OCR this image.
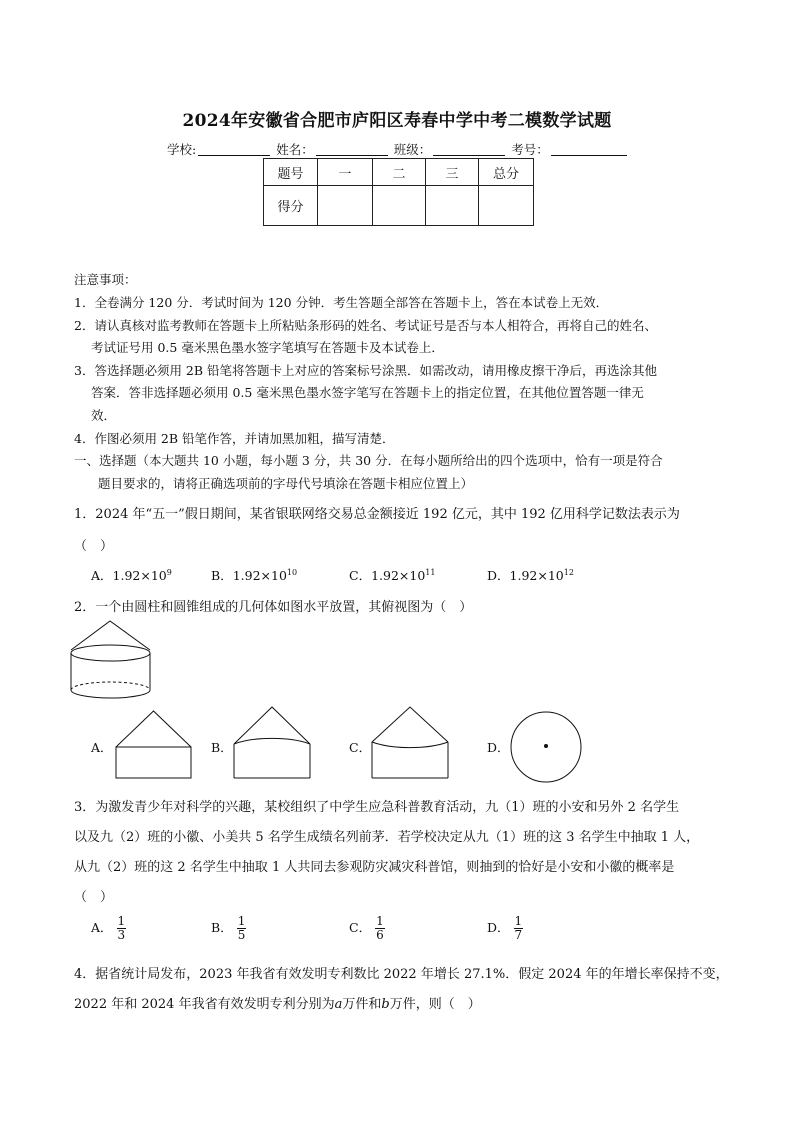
2024年安徽省合肥市庐阳区寿春中学中考二模数学试题
学校:	姓名：	班级：	考号：
题号	一	二	三	总分
得分				
注意事项：
1．全卷满分 120 分．考试时间为 120 分钟．考生答题全部答在答题卡上，答在本试卷上无效．
2．请认真核对监考教师在答题卡上所粘贴条形码的姓名、考试证号是否与本人相符合，再将自己的姓名、
考试证号用 0.5 毫米黑色墨水签字笔填写在答题卡及本试卷上．
3．答选择题必须用 2B 铅笔将答题卡上对应的答案标号涂黑．如需改动，请用橡皮擦干净后，再选涂其他
答案．答非选择题必须用 0.5 毫米黑色墨水签字笔写在答题卡上的指定位置，在其他位置答题一律无
效．
4．作图必须用 2B 铅笔作答，并请加黑加粗，描写清楚．
一、选择题（本大题共 10 小题，每小题 3 分，共 30 分．在每小题所给出的四个选项中，恰有一项是符合
题目要求的，请将正确选项前的字母代号填涂在答题卡相应位置上）
1．2024 年“五一”假日期间，某省银联网络交易总金额接近 192 亿元，其中 192 亿用科学记数法表示为
（　）
A．$1.92\times 10^9$	B．$1.92\times 10^{10}$	C．$1.92\times 10^{11}$	D．$1.92\times 10^{12}$
2．一个由圆柱和圆锥组成的几何体如图水平放置，其俯视图为（　）
A．	B．	C．	D．
3．为激发青少年对科学的兴趣，某校组织了中学生应急科普教育活动，九（1）班的小安和另外 2 名学生
以及九（2）班的小徽、小美共 5 名学生成绩名列前茅．若学校决定从九（1）班的这 3 名学生中抽取 1 人，
从九（2）班的这 2 名学生中抽取 1 人共同去参观防灾减灾科普馆，则抽到的恰好是小安和小徽的概率是
（　）
A． $\frac{1}{3}$	B． $\frac{1}{5}$	C． $\frac{1}{6}$	D． $\frac{1}{7}$
4．据省统计局发布，2023 年我省有效发明专利数比 2022 年增长 27.1%．假定 2024 年的年增长率保持不变，
2022 年和 2024 年我省有效发明专利分别为a万件和b万件，则（　）
